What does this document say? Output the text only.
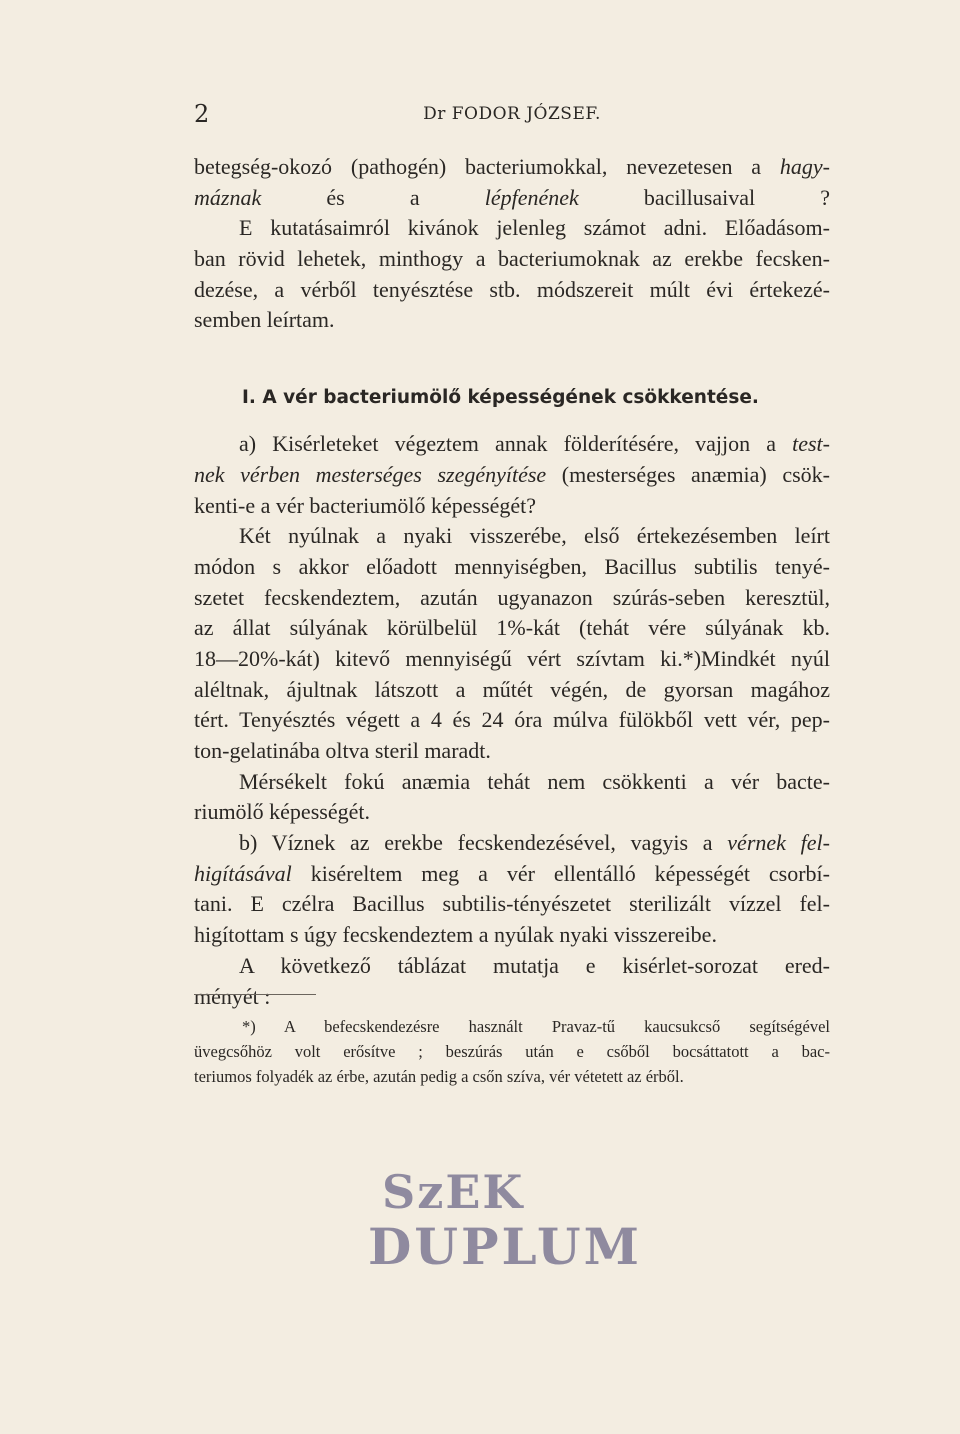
2	Dr FODOR JÓZSEF.
betegség-okozó (pathogén) bacteriumokkal, nevezetesen a hagy-
máznak és a lépfenének bacillusaival ?
E kutatásaimról kivánok jelenleg számot adni. Előadásom-
ban rövid lehetek, minthogy a bacteriumoknak az erekbe fecsken-
dezése, a vérből tenyésztése stb. módszereit múlt évi értekezé-
semben leírtam.
I. A vér bacteriumölő képességének csökkentése.
a) Kisérleteket végeztem annak földerítésére, vajjon a test-
nek vérben mesterséges szegényítése (mesterséges anæmia) csök-
kenti-e a vér bacteriumölő képességét?
Két nyúlnak a nyaki visszerébe, első értekezésemben leírt
módon s akkor előadott mennyiségben, Bacillus subtilis tenyé-
szetet fecskendeztem, azután ugyanazon szúrás-seben keresztül,
az állat súlyának körülbelül 1%-kát (tehát vére súlyának kb.
18—20%-kát) kitevő mennyiségű vért szívtam ki.*)Mindkét nyúl
aléltnak, ájultnak látszott a műtét végén, de gyorsan magához
tért. Tenyésztés végett a 4 és 24 óra múlva fülökből vett vér, pep-
ton-gelatinába oltva steril maradt.
Mérsékelt fokú anæmia tehát nem csökkenti a vér bacte-
riumölő képességét.
b) Víznek az erekbe fecskendezésével, vagyis a vérnek fel-
higításával kiséreltem meg a vér ellentálló képességét csorbí-
tani. E czélra Bacillus subtilis-tényészetet sterilizált vízzel fel-
higítottam s úgy fecskendeztem a nyúlak nyaki visszereibe.
A következő táblázat mutatja e kisérlet-sorozat ered-
ményét :
*) A befecskendezésre használt Pravaz-tű kaucsukcső segítségével
üvegcsőhöz volt erősítve ; beszúrás után e csőből bocsáttatott a bac-
teriumos folyadék az érbe, azután pedig a csőn szíva, vér vétetett az érből.
SzEK
DUPLUM
